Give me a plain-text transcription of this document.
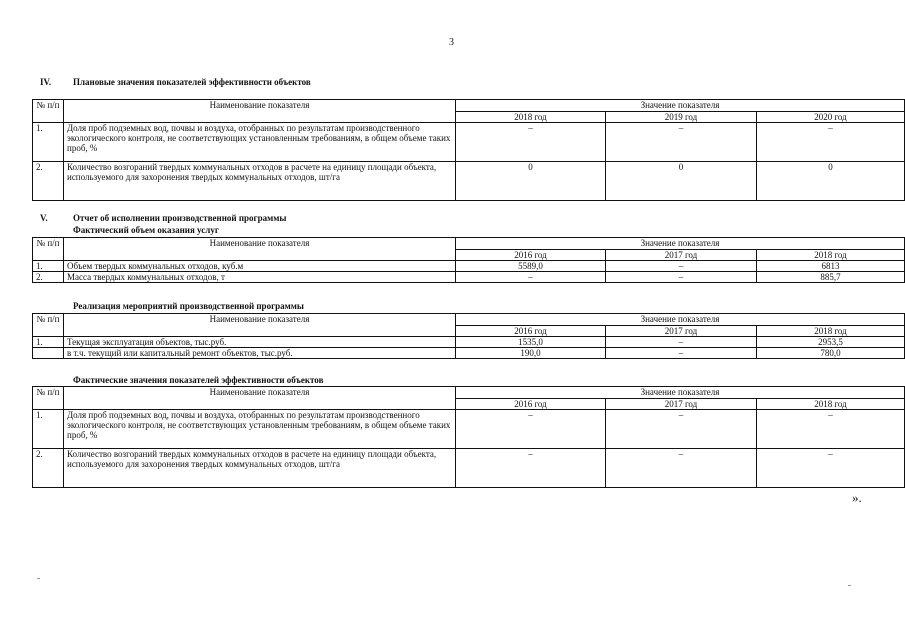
3
IV. Плановые значения показателей эффективности объектов
№ п/п	Наименование показателя	Значение показателя		
		2018 год	2019 год	2020 год
1.	Доля проб подземных вод, почвы и воздуха, отобранных по результатам производственного экологического контроля, не соответствующих установленным требованиям, в общем объеме таких проб, %	–	–	–
2.	Количество возгораний твердых коммунальных отходов в расчете на единицу площади объекта, используемого для захоронения твердых коммунальных отходов, шт/га	0	0	0
V.	Отчет об исполнении производственной программы
Фактический объем оказания услуг
№ п/п	Наименование показателя	Значение показателя		
		2016 год	2017 год	2018 год
1.	Объем твердых коммунальных отходов, куб.м	5589,0	–	6813
2.	Масса твердых коммунальных отходов, т	–	–	885,7
Реализация мероприятий производственной программы
№ п/п	Наименование показателя	Значение показателя		
		2016 год	2017 год	2018 год
1.	Текущая эксплуатация объектов, тыс.руб.	1535,0	–	2953,5
	в т.ч. текущий или капитальный ремонт объектов, тыс.руб.	190,0	–	780,0
Фактические значения показателей эффективности объектов
№ п/п	Наименование показателя	Значение показателя		
		2016 год	2017 год	2018 год
1.	Доля проб подземных вод, почвы и воздуха, отобранных по результатам производственного экологического контроля, не соответствующих установленным требованиям, в общем объеме таких проб, %	–	–	–
2.	Количество возгораний твердых коммунальных отходов в расчете на единицу площади объекта, используемого для захоронения твердых коммунальных отходов, шт/га	–	–	–
».
